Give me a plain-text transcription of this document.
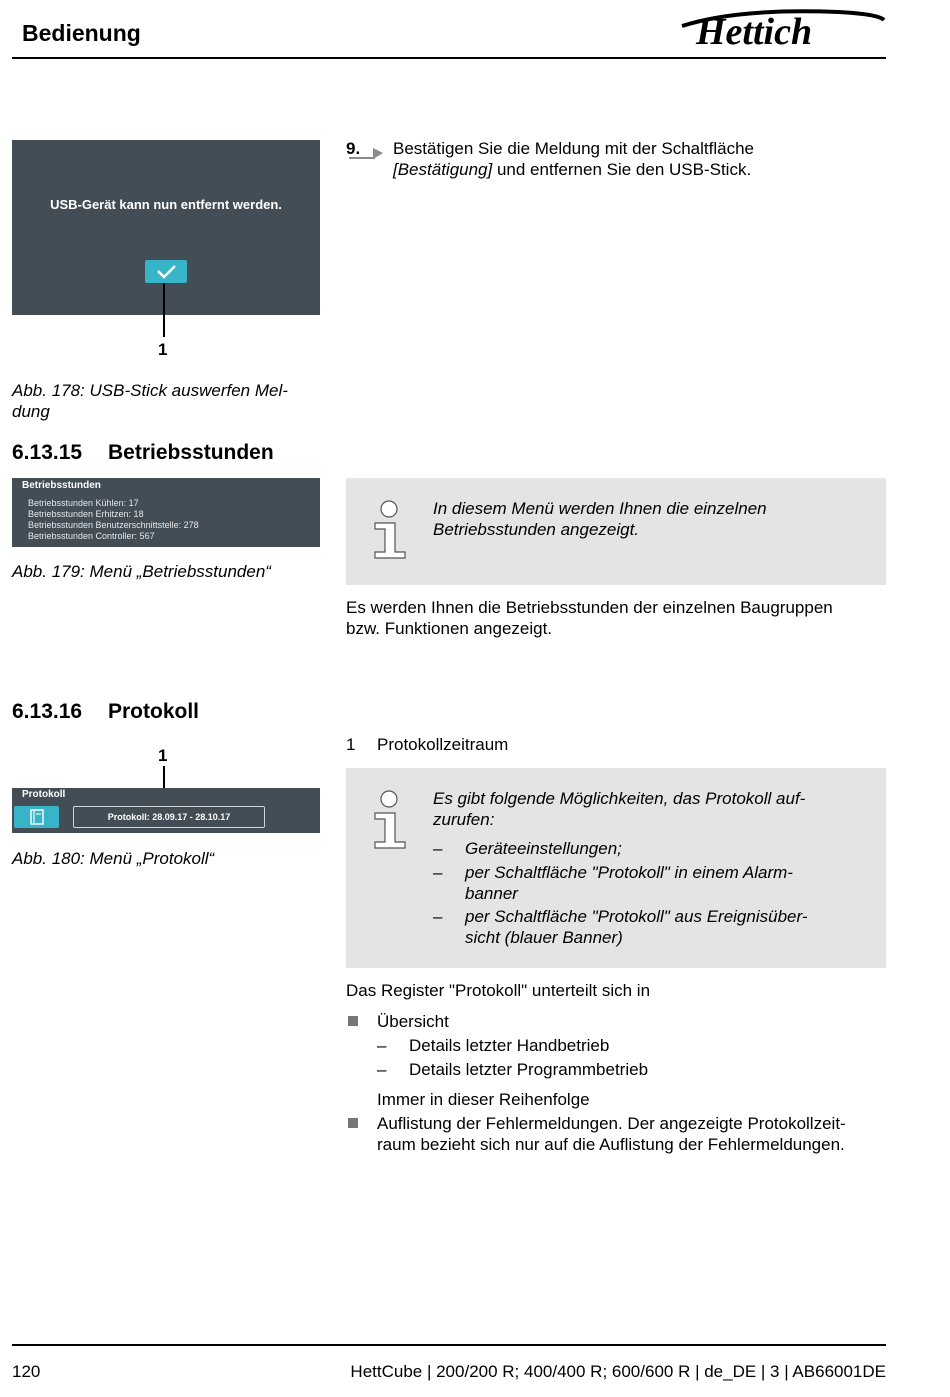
Bedienung	Hettich
USB-Gerät kann nun entfernt werden.
1
Abb. 178: USB-Stick auswerfen Mel-
dung
9. Bestätigen Sie die Meldung mit der Schaltfläche
[Bestätigung] und entfernen Sie den USB-Stick.
6.13.15 Betriebsstunden
Betriebsstunden
Betriebsstunden Kühlen: 17
Betriebsstunden Erhitzen: 18
Betriebsstunden Benutzerschnittstelle: 278
Betriebsstunden Controller: 567
Abb. 179: Menü „Betriebsstunden“
In diesem Menü werden Ihnen die einzelnen
Betriebsstunden angezeigt.
Es werden Ihnen die Betriebsstunden der einzelnen Baugruppen
bzw. Funktionen angezeigt.
6.13.16 Protokoll
1
Protokoll
Protokoll: 28.09.17 - 28.10.17
Abb. 180: Menü „Protokoll“
1 Protokollzeitraum
Es gibt folgende Möglichkeiten, das Protokoll auf-
zurufen:
– Geräteeinstellungen;
– per Schaltfläche "Protokoll" in einem Alarm-
banner
– per Schaltfläche "Protokoll" aus Ereignisüber-
sicht (blauer Banner)
Das Register "Protokoll" unterteilt sich in
Übersicht
– Details letzter Handbetrieb
– Details letzter Programmbetrieb
Immer in dieser Reihenfolge
Auflistung der Fehlermeldungen. Der angezeigte Protokollzeit-
raum bezieht sich nur auf die Auflistung der Fehlermeldungen.
120	HettCube | 200/200 R; 400/400 R; 600/600 R | de_DE | 3 | AB66001DE
